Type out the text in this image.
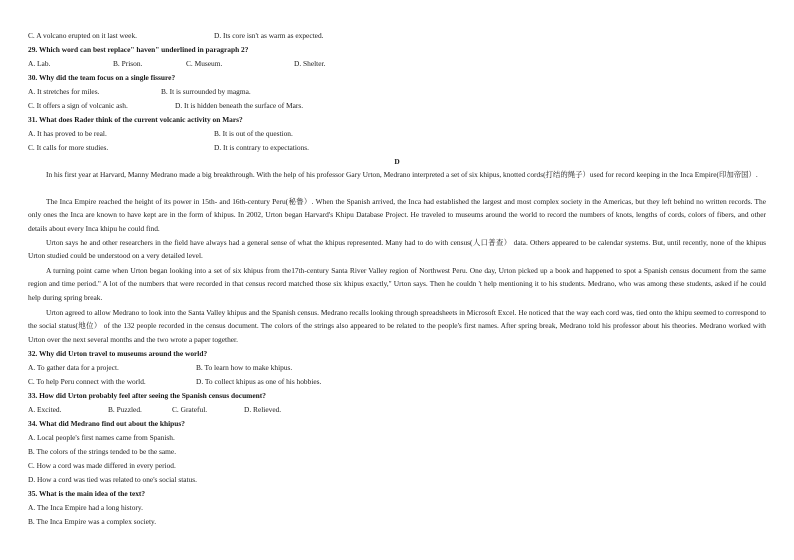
C. A volcano erupted on it last week.	D. Its core isn't as warm as expected.
29. Which word can best replace" haven" underlined in paragraph 2?
A. Lab.	B. Prison.	C. Museum.	D. Shelter.
30. Why did the team focus on a single fissure?
A. It stretches for miles.	B. It is surrounded by magma.
C. It offers a sign of volcanic ash.	D. It is hidden beneath the surface of Mars.
31. What does Rader think of the current volcanic activity on Mars?
A. It has proved to be real.	B. It is out of the question.
C. It calls for more studies.	D. It is contrary to expectations.
D
In his first year at Harvard, Manny Medrano made a big breakthrough. With the help of his professor Gary Urton, Medrano interpreted a set of six khipus, knotted cords(打结的绳子）used for record keeping in the Inca Empire(印加帝国）.
The Inca Empire reached the height of its power in 15th- and 16th-century Peru(秘鲁）. When the Spanish arrived, the Inca had established the largest and most complex society in the Americas, but they left behind no written records. The only ones the Inca are known to have kept are in the form of khipus. In 2002, Urton began Harvard's Khipu Database Project. He traveled to museums around the world to record the numbers of knots, lengths of cords, colors of fibers, and other details about every Inca khipu he could find.
Urton says he and other researchers in the field have always had a general sense of what the khipus represented. Many had to do with census(人口普查） data. Others appeared to be calendar systems. But, until recently, none of the khipus Urton studied could be understood on a very detailed level.
A turning point came when Urton began looking into a set of six khipus from the17th-century Santa River Valley region of Northwest Peru. One day, Urton picked up a book and happened to spot a Spanish census document from the same region and time period." A lot of the numbers that were recorded in that census record matched those six khipus exactly," Urton says. Then he couldn 't help mentioning it to his students. Medrano, who was among these students, asked if he could help during spring break.
Urton agreed to allow Medrano to look into the Santa Valley khipus and the Spanish census. Medrano recalls looking through spreadsheets in Microsoft Excel. He noticed that the way each cord was, tied onto the khipu seemed to correspond to the social status(地位） of the 132 people recorded in the census document. The colors of the strings also appeared to be related to the people's first names. After spring break, Medrano told his professor about his theories. Medrano worked with Urton over the next several months and the two wrote a paper together.
32. Why did Urton travel to museums around the world?
A. To gather data for a project.	B. To learn how to make khipus.
C. To help Peru connect with the world.	D. To collect khipus as one of his hobbies.
33. How did Urton probably feel after seeing the Spanish census document?
A. Excited.	B. Puzzled.	C. Grateful.	D. Relieved.
34. What did Medrano find out about the khipus?
A. Local people's first names came from Spanish.
B. The colors of the strings tended to be the same.
C. How a cord was made differed in every period.
D. How a cord was tied was related to one's social status.
35. What is the main idea of the text?
A. The Inca Empire had a long history.
B. The Inca Empire was a complex society.
